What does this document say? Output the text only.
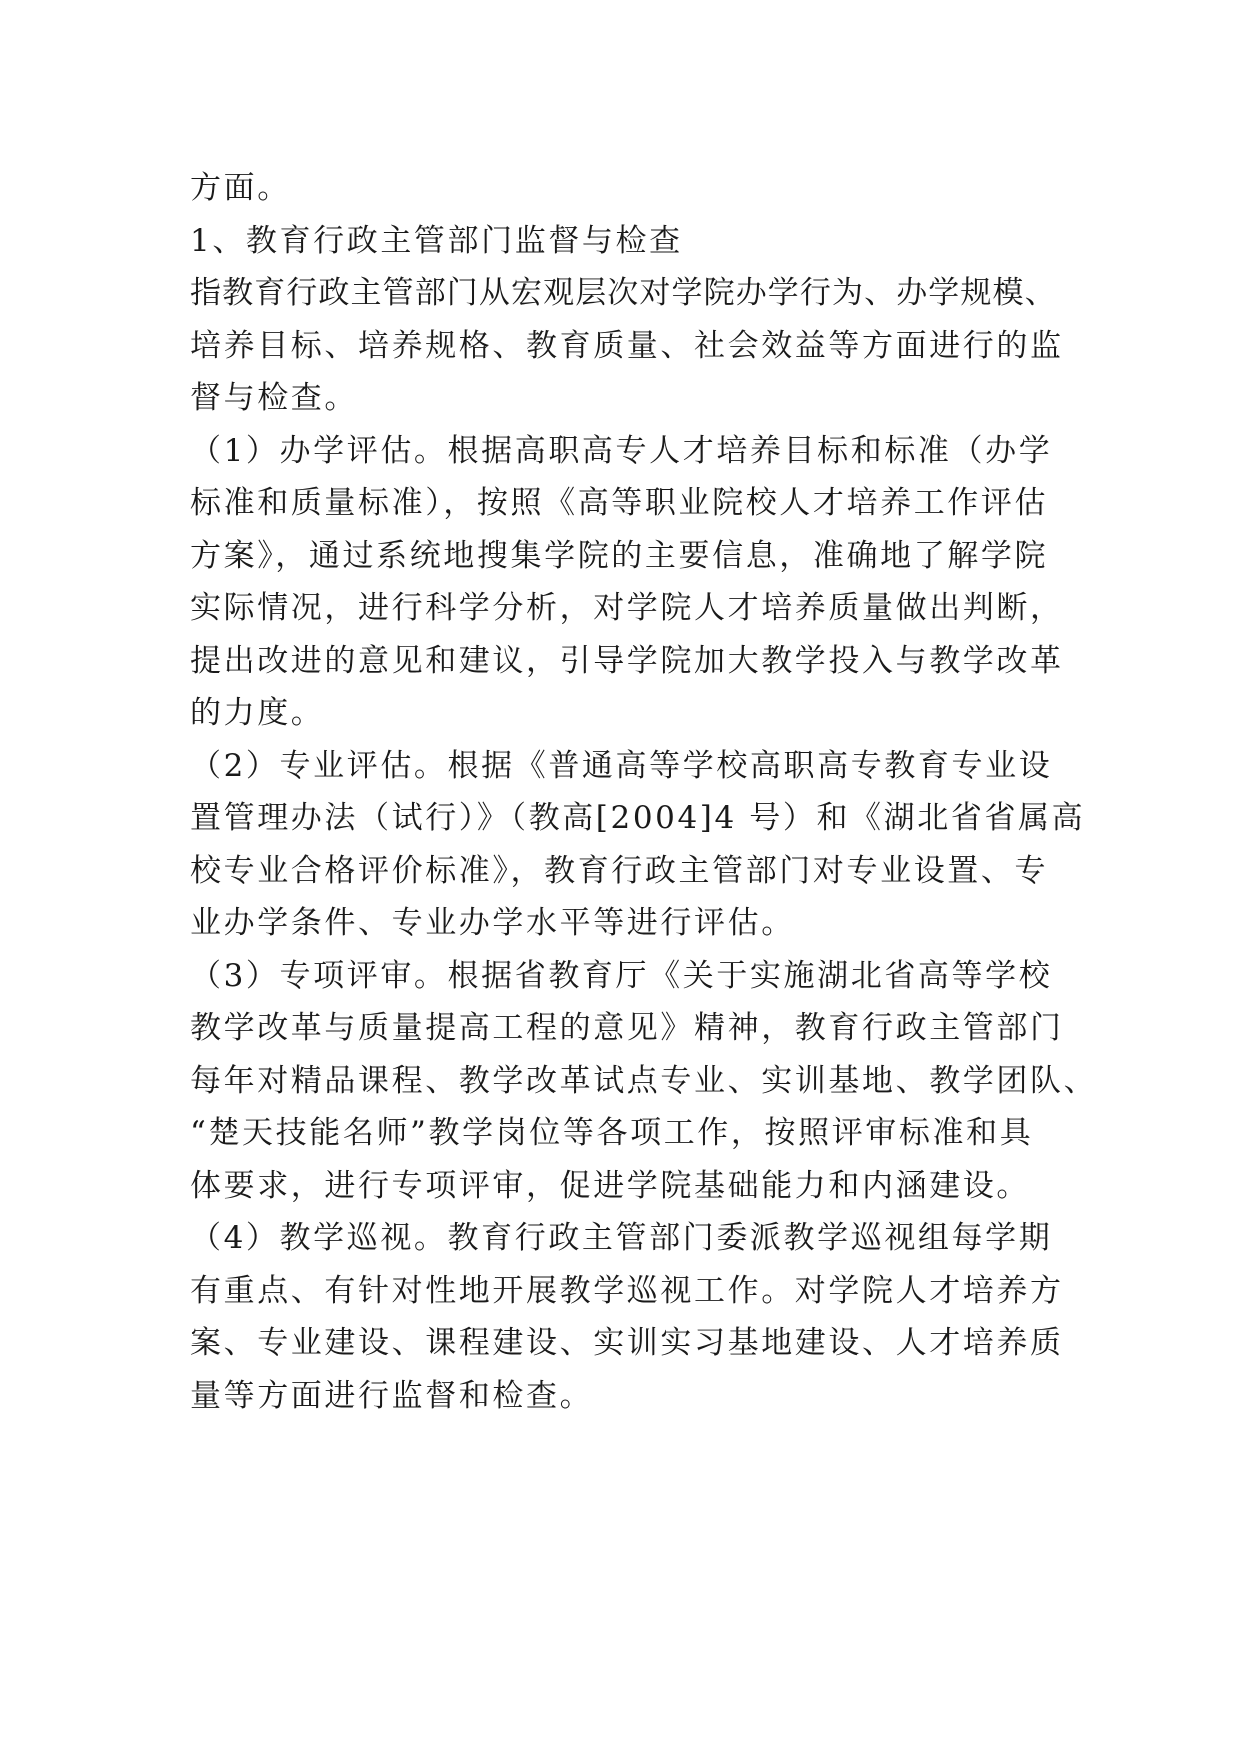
方面。
1、教育行政主管部门监督与检查
指教育行政主管部门从宏观层次对学院办学行为、办学规模、
培养目标、培养规格、教育质量、社会效益等方面进行的监
督与检查。
（1）办学评估。根据高职高专人才培养目标和标准（办学
标准和质量标准），按照《高等职业院校人才培养工作评估
方案》，通过系统地搜集学院的主要信息，准确地了解学院
实际情况，进行科学分析，对学院人才培养质量做出判断，
提出改进的意见和建议，引导学院加大教学投入与教学改革
的力度。
（2）专业评估。根据《普通高等学校高职高专教育专业设
置管理办法（试行）》（教高[2004]4 号）和《湖北省省属高
校专业合格评价标准》，教育行政主管部门对专业设置、专
业办学条件、专业办学水平等进行评估。
（3）专项评审。根据省教育厅《关于实施湖北省高等学校
教学改革与质量提高工程的意见》精神，教育行政主管部门
每年对精品课程、教学改革试点专业、实训基地、教学团队、
“楚天技能名师”教学岗位等各项工作，按照评审标准和具
体要求，进行专项评审，促进学院基础能力和内涵建设。
（4）教学巡视。教育行政主管部门委派教学巡视组每学期
有重点、有针对性地开展教学巡视工作。对学院人才培养方
案、专业建设、课程建设、实训实习基地建设、人才培养质
量等方面进行监督和检查。
